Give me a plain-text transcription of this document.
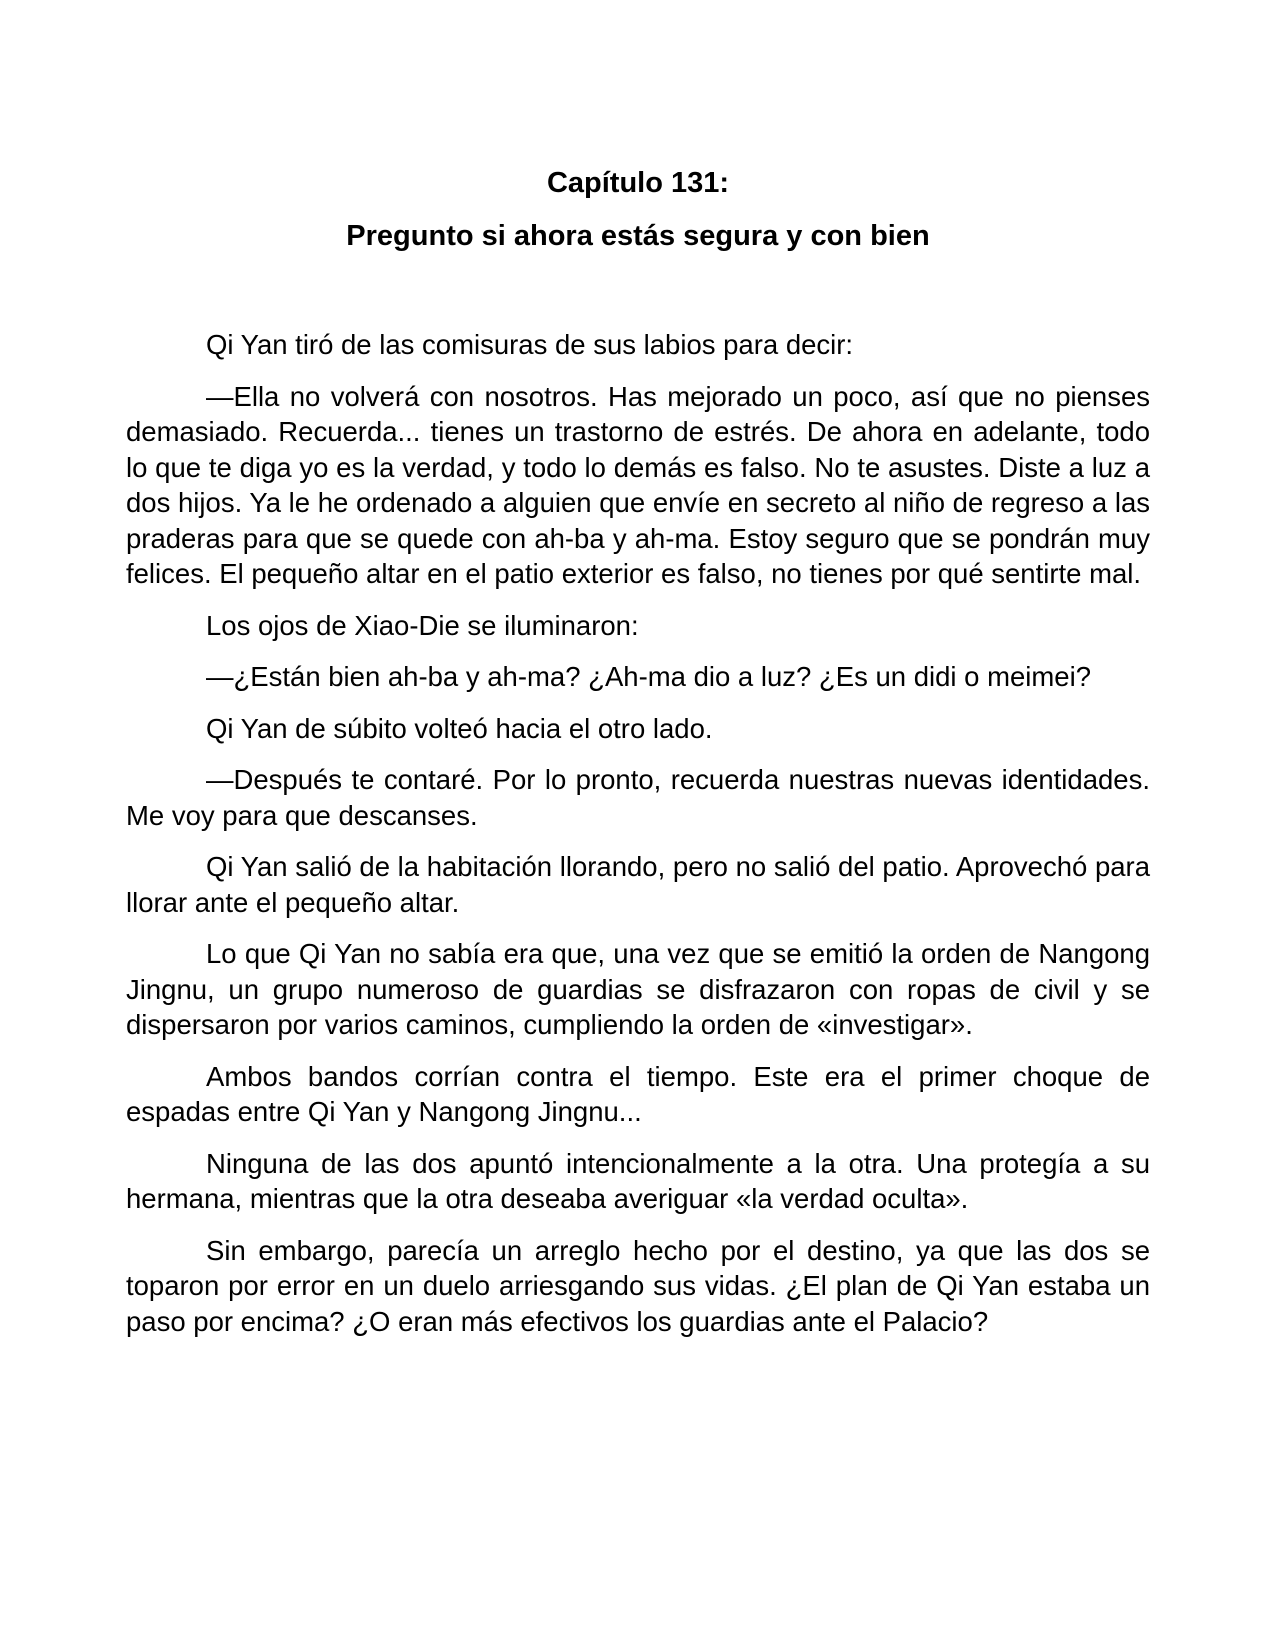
Capítulo 131:
Pregunto si ahora estás segura y con bien

Qi Yan tiró de las comisuras de sus labios para decir:

—Ella no volverá con nosotros. Has mejorado un poco, así que no pienses demasiado. Recuerda... tienes un trastorno de estrés. De ahora en adelante, todo lo que te diga yo es la verdad, y todo lo demás es falso. No te asustes. Diste a luz a dos hijos. Ya le he ordenado a alguien que envíe en secreto al niño de regreso a las praderas para que se quede con ah-ba y ah-ma. Estoy seguro que se pondrán muy felices. El pequeño altar en el patio exterior es falso, no tienes por qué sentirte mal.

Los ojos de Xiao-Die se iluminaron:

—¿Están bien ah-ba y ah-ma? ¿Ah-ma dio a luz? ¿Es un didi o meimei?

Qi Yan de súbito volteó hacia el otro lado.

—Después te contaré. Por lo pronto, recuerda nuestras nuevas identidades. Me voy para que descanses.

Qi Yan salió de la habitación llorando, pero no salió del patio. Aprovechó para llorar ante el pequeño altar.

Lo que Qi Yan no sabía era que, una vez que se emitió la orden de Nangong Jingnu, un grupo numeroso de guardias se disfrazaron con ropas de civil y se dispersaron por varios caminos, cumpliendo la orden de «investigar».

Ambos bandos corrían contra el tiempo. Este era el primer choque de espadas entre Qi Yan y Nangong Jingnu...

Ninguna de las dos apuntó intencionalmente a la otra. Una protegía a su hermana, mientras que la otra deseaba averiguar «la verdad oculta».

Sin embargo, parecía un arreglo hecho por el destino, ya que las dos se toparon por error en un duelo arriesgando sus vidas. ¿El plan de Qi Yan estaba un paso por encima? ¿O eran más efectivos los guardias ante el Palacio?
